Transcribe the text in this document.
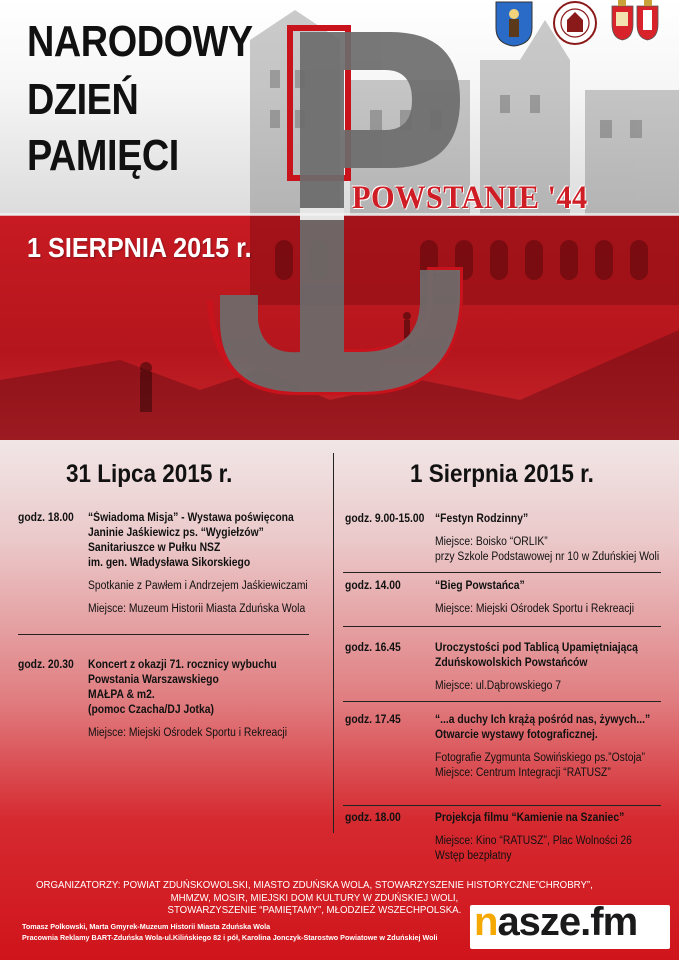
NARODOWY
DZIEŃ
PAMIĘCI
POWSTANIE '44
1 SIERPNIA 2015 r.
31 Lipca 2015 r.	1 Sierpnia 2015 r.
godz. 18.00 “Świadoma Misja” - Wystawa poświęcona
Janinie Jaśkiewicz ps. “Wygiełzów”
Sanitariuszce w Pułku NSZ
im. gen. Władysława Sikorskiego
Spotkanie z Pawłem i Andrzejem Jaśkiewiczami
Miejsce: Muzeum Historii Miasta Zduńska Wola
godz. 20.30 Koncert z okazji 71. rocznicy wybuchu
Powstania Warszawskiego
MAŁPA & m2.
(pomoc Czacha/DJ Jotka)
Miejsce: Miejski Ośrodek Sportu i Rekreacji
godz. 9.00-15.00 “Festyn Rodzinny”
Miejsce: Boisko “ORLIK”
przy Szkole Podstawowej nr 10 w Zduńskiej Woli
godz. 14.00	“Bieg Powstańca”
Miejsce: Miejski Ośrodek Sportu i Rekreacji
godz. 16.45	Uroczystości pod Tablicą Upamiętniającą
Zduńskowolskich Powstańców
Miejsce: ul.Dąbrowskiego 7
godz. 17.45	“...a duchy Ich krążą pośród nas, żywych...”
Otwarcie wystawy fotograficznej.
Fotografie Zygmunta Sowińskiego ps.”Ostoja”
Miejsce: Centrum Integracji “RATUSZ”
godz. 18.00	Projekcja filmu “Kamienie na Szaniec”
Miejsce: Kino “RATUSZ”, Plac Wolności 26
Wstęp bezpłatny
ORGANIZATORZY: POWIAT ZDUŃSKOWOLSKI, MIASTO ZDUŃSKA WOLA, STOWARZYSZENIE HISTORYCZNE”CHROBRY”,
MHMZW, MOSIR, MIEJSKI DOM KULTURY W ZDUŃSKIEJ WOLI,
STOWARZYSZENIE “PAMIĘTAMY”, MŁODZIEŻ WSZECHPOLSKA.
Tomasz Polkowski, Marta Gmyrek-Muzeum Historii Miasta Zduńska Wola
Pracownia Reklamy BART-Zduńska Wola-ul.Kilińskiego 82 i pół, Karolina Jonczyk-Starostwo Powiatowe w Zduńskiej Woli nasze.fm
